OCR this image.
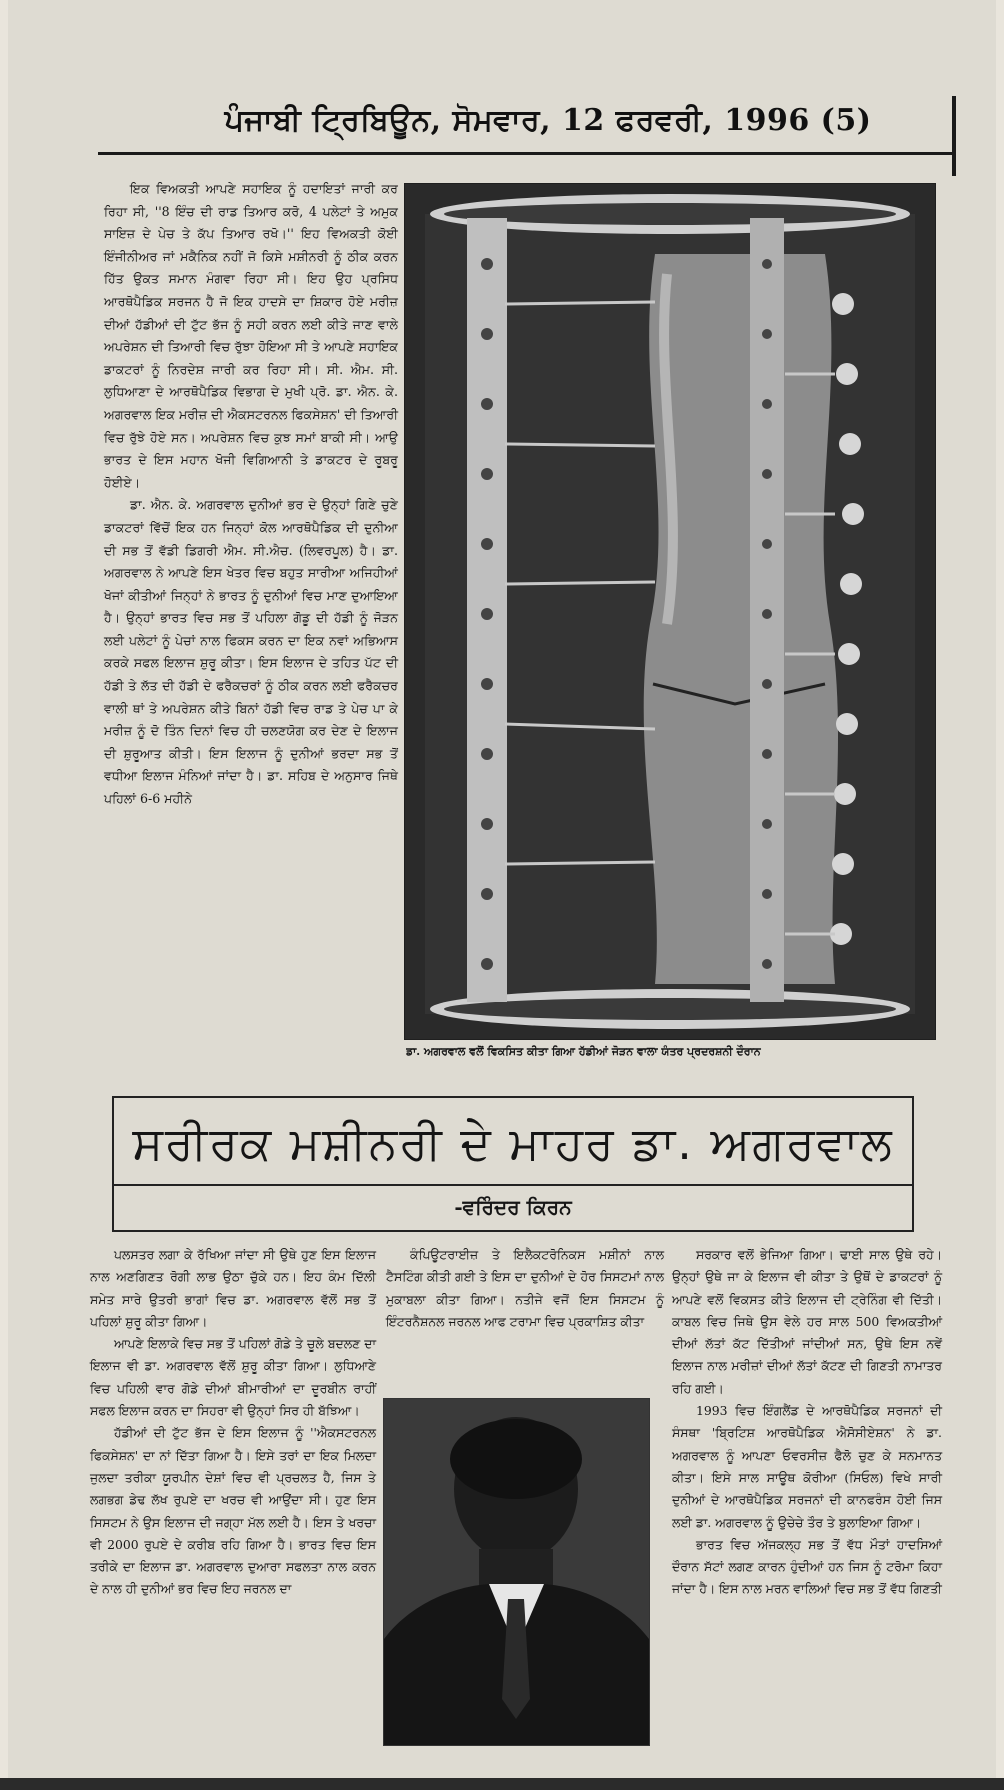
ਪੰਜਾਬੀ ਟ੍ਰਿਬਿਊਨ, ਸੋਮਵਾਰ, 12 ਫਰਵਰੀ, 1996 (5)

ਇਕ ਵਿਅਕਤੀ ਆਪਣੇ ਸਹਾਇਕ ਨੂੰ ਹਦਾਇਤਾਂ ਜਾਰੀ ਕਰ ਰਿਹਾ ਸੀ, ''8 ਇੰਚ ਦੀ ਰਾਡ ਤਿਆਰ ਕਰੋ, 4 ਪਲੇਟਾਂ ਤੇ ਅਮੁਕ ਸਾਇਜ਼ ਦੇ ਪੇਚ ਤੇ ਕੱਪ ਤਿਆਰ ਰਖੋ।'' ਇਹ ਵਿਅਕਤੀ ਕੋਈ ਇੰਜੀਨੀਅਰ ਜਾਂ ਮਕੈਨਿਕ ਨਹੀਂ ਜੋ ਕਿਸੇ ਮਸ਼ੀਨਰੀ ਨੂੰ ਠੀਕ ਕਰਨ ਹਿੱਤ ਉਕਤ ਸਮਾਨ ਮੰਗਵਾ ਰਿਹਾ ਸੀ। ਇਹ ਉਹ ਪ੍ਰਸਿਧ ਆਰਥੋਪੈਡਿਕ ਸਰਜਨ ਹੈ ਜੋ ਇਕ ਹਾਦਸੇ ਦਾ ਸ਼ਿਕਾਰ ਹੋਏ ਮਰੀਜ਼ ਦੀਆਂ ਹੱਡੀਆਂ ਦੀ ਟੁੱਟ ਭੱਜ ਨੂੰ ਸਹੀ ਕਰਨ ਲਈ ਕੀਤੇ ਜਾਣ ਵਾਲੇ ਅਪਰੇਸ਼ਨ ਦੀ ਤਿਆਰੀ ਵਿਚ ਰੁੱਝਾ ਹੋਇਆ ਸੀ ਤੇ ਆਪਣੇ ਸਹਾਇਕ ਡਾਕਟਰਾਂ ਨੂੰ ਨਿਰਦੇਸ਼ ਜਾਰੀ ਕਰ ਰਿਹਾ ਸੀ। ਸੀ. ਐਮ. ਸੀ. ਲੁਧਿਆਣਾ ਦੇ ਆਰਥੋਪੈਡਿਕ ਵਿਭਾਗ ਦੇ ਮੁਖੀ ਪ੍ਰੋ. ਡਾ. ਐਨ. ਕੇ. ਅਗਰਵਾਲ ਇਕ ਮਰੀਜ਼ ਦੀ ਐਕਸਟਰਨਲ ਫਿਕਸੇਸ਼ਨ' ਦੀ ਤਿਆਰੀ ਵਿਚ ਰੁੱਝੇ ਹੋਏ ਸਨ। ਅਪਰੇਸ਼ਨ ਵਿਚ ਕੁਝ ਸਮਾਂ ਬਾਕੀ ਸੀ। ਆਉ ਭਾਰਤ ਦੇ ਇਸ ਮਹਾਨ ਖੋਜੀ ਵਿਗਿਆਨੀ ਤੇ ਡਾਕਟਰ ਦੇ ਰੂਬਰੂ ਹੋਈਏ।

ਡਾ. ਐਨ. ਕੇ. ਅਗਰਵਾਲ ਦੁਨੀਆਂ ਭਰ ਦੇ ਉਨ੍ਹਾਂ ਗਿਣੇ ਚੁਣੇ ਡਾਕਟਰਾਂ ਵਿੱਚੋਂ ਇਕ ਹਨ ਜਿਨ੍ਹਾਂ ਕੋਲ ਆਰਥੋਪੈਡਿਕ ਦੀ ਦੁਨੀਆ ਦੀ ਸਭ ਤੋਂ ਵੱਡੀ ਡਿਗਰੀ ਐਮ. ਸੀ.ਐਚ. (ਲਿਵਰਪੂਲ) ਹੈ। ਡਾ. ਅਗਰਵਾਲ ਨੇ ਆਪਣੇ ਇਸ ਖੇਤਰ ਵਿਚ ਬਹੁਤ ਸਾਰੀਆ ਅਜਿਹੀਆਂ ਖੋਜਾਂ ਕੀਤੀਆਂ ਜਿਨ੍ਹਾਂ ਨੇ ਭਾਰਤ ਨੂੰ ਦੁਨੀਆਂ ਵਿਚ ਮਾਣ ਦੁਆਇਆ ਹੈ। ਉਨ੍ਹਾਂ ਭਾਰਤ ਵਿਚ ਸਭ ਤੋਂ ਪਹਿਲਾ ਗੋਡੂ ਦੀ ਹੱਡੀ ਨੂੰ ਜੋੜਨ ਲਈ ਪਲੇਟਾਂ ਨੂੰ ਪੇਚਾਂ ਨਾਲ ਫਿਕਸ ਕਰਨ ਦਾ ਇਕ ਨਵਾਂ ਅਭਿਆਸ ਕਰਕੇ ਸਫਲ ਇਲਾਜ ਸ਼ੁਰੂ ਕੀਤਾ। ਇਸ ਇਲਾਜ ਦੇ ਤਹਿਤ ਪੱਟ ਦੀ ਹੱਡੀ ਤੇ ਲੱਤ ਦੀ ਹੱਡੀ ਦੇ ਫਰੈਕਚਰਾਂ ਨੂੰ ਠੀਕ ਕਰਨ ਲਈ ਫਰੈਕਚਰ ਵਾਲੀ ਥਾਂ ਤੇ ਅਪਰੇਸ਼ਨ ਕੀਤੇ ਬਿਨਾਂ ਹੱਡੀ ਵਿਚ ਰਾਡ ਤੇ ਪੇਚ ਪਾ ਕੇ ਮਰੀਜ਼ ਨੂੰ ਦੋ ਤਿੰਨ ਦਿਨਾਂ ਵਿਚ ਹੀ ਚਲਣਯੋਗ ਕਰ ਦੇਣ ਦੇ ਇਲਾਜ ਦੀ ਸ਼ੁਰੂਆਤ ਕੀਤੀ। ਇਸ ਇਲਾਜ ਨੂੰ ਦੁਨੀਆਂ ਭਰਦਾ ਸਭ ਤੋਂ ਵਧੀਆ ਇਲਾਜ ਮੰਨਿਆਂ ਜਾਂਦਾ ਹੈ। ਡਾ. ਸਹਿਬ ਦੇ ਅਨੁਸਾਰ ਜਿਥੇ ਪਹਿਲਾਂ 6-6 ਮਹੀਨੇ

ਡਾ. ਅਗਰਵਾਲ ਵਲੋਂ ਵਿਕਸਿਤ ਕੀਤਾ ਗਿਆ ਹੱਡੀਆਂ ਜੋੜਨ ਵਾਲਾ ਯੰਤਰ ਪ੍ਰਦਰਸ਼ਨੀ ਦੌਰਾਨ
ਸਰੀਰਕ ਮਸ਼ੀਨਰੀ ਦੇ ਮਾਹਰ ਡਾ. ਅਗਰਵਾਲ
-ਵਰਿੰਦਰ ਕਿਰਨ

ਪਲਸਤਰ ਲਗਾ ਕੇ ਰੱਖਿਆ ਜਾਂਦਾ ਸੀ ਉਥੇ ਹੁਣ ਇਸ ਇਲਾਜ ਨਾਲ ਅਣਗਿਣਤ ਰੋਗੀ ਲਾਭ ਉਠਾ ਚੁੱਕੇ ਹਨ। ਇਹ ਕੰਮ ਦਿੱਲੀ ਸਮੇਤ ਸਾਰੇ ਉਤਰੀ ਭਾਗਾਂ ਵਿਚ ਡਾ. ਅਗਰਵਾਲ ਵੱਲੋਂ ਸਭ ਤੋਂ ਪਹਿਲਾਂ ਸ਼ੁਰੂ ਕੀਤਾ ਗਿਆ।

ਆਪਣੇ ਇਲਾਕੇ ਵਿਚ ਸਭ ਤੋਂ ਪਹਿਲਾਂ ਗੋਡੇ ਤੇ ਚੂਲੇ ਬਦਲਣ ਦਾ ਇਲਾਜ ਵੀ ਡਾ. ਅਗਰਵਾਲ ਵੱਲੋਂ ਸ਼ੁਰੂ ਕੀਤਾ ਗਿਆ। ਲੁਧਿਆਣੇ ਵਿਚ ਪਹਿਲੀ ਵਾਰ ਗੋਡੇ ਦੀਆਂ ਬੀਮਾਰੀਆਂ ਦਾ ਦੂਰਬੀਨ ਰਾਹੀਂ ਸਫਲ ਇਲਾਜ ਕਰਨ ਦਾ ਸਿਹਰਾ ਵੀ ਉਨ੍ਹਾਂ ਸਿਰ ਹੀ ਬੱਝਿਆ।

ਹੱਡੀਆਂ ਦੀ ਟੁੱਟ ਭੱਜ ਦੇ ਇਸ ਇਲਾਜ ਨੂੰ ''ਐਕਸਟਰਨਲ ਫਿਕਸੇਸ਼ਨ' ਦਾ ਨਾਂ ਦਿੱਤਾ ਗਿਆ ਹੈ। ਇਸੇ ਤਰਾਂ ਦਾ ਇਕ ਮਿਲਦਾ ਜੁਲਦਾ ਤਰੀਕਾ ਯੂਰਪੀਨ ਦੇਸ਼ਾਂ ਵਿਚ ਵੀ ਪ੍ਰਚਲਤ ਹੈ, ਜਿਸ ਤੇ ਲਗਭਗ ਡੇਢ ਲੱਖ ਰੁਪਏ ਦਾ ਖਰਚ ਵੀ ਆਉਂਦਾ ਸੀ। ਹੁਣ ਇਸ ਸਿਸਟਮ ਨੇ ਉਸ ਇਲਾਜ ਦੀ ਜਗ੍ਹਾ ਮੱਲ ਲਈ ਹੈ। ਇਸ ਤੇ ਖਰਚਾ ਵੀ 2000 ਰੁਪਏ ਦੇ ਕਰੀਬ ਰਹਿ ਗਿਆ ਹੈ। ਭਾਰਤ ਵਿਚ ਇਸ ਤਰੀਕੇ ਦਾ ਇਲਾਜ ਡਾ. ਅਗਰਵਾਲ ਦੁਆਰਾ ਸਫਲਤਾ ਨਾਲ ਕਰਨ ਦੇ ਨਾਲ ਹੀ ਦੁਨੀਆਂ ਭਰ ਵਿਚ ਇਹ ਜਰਨਲ ਦਾ

ਕੰਪਿਊਟਰਾਈਜ਼ ਤੇ ਇਲੈਕਟਰੋਨਿਕਸ ਮਸ਼ੀਨਾਂ ਨਾਲ ਟੈਸਟਿੰਗ ਕੀਤੀ ਗਈ ਤੇ ਇਸ ਦਾ ਦੁਨੀਆਂ ਦੇ ਹੋਰ ਸਿਸਟਮਾਂ ਨਾਲ ਮੁਕਾਬਲਾ ਕੀਤਾ ਗਿਆ। ਨਤੀਜੇ ਵਜੋਂ ਇਸ ਸਿਸਟਮ ਨੂੰ ਇੰਟਰਨੈਸ਼ਨਲ ਜਰਨਲ ਆਫ ਟਰਾਮਾ ਵਿਚ ਪ੍ਰਕਾਸ਼ਿਤ ਕੀਤਾ

ਸਰਕਾਰ ਵਲੋਂ ਭੇਜਿਆ ਗਿਆ। ਢਾਈ ਸਾਲ ਉਥੇ ਰਹੇ। ਉਨ੍ਹਾਂ ਉਥੇ ਜਾ ਕੇ ਇਲਾਜ ਵੀ ਕੀਤਾ ਤੇ ਉਥੋਂ ਦੇ ਡਾਕਟਰਾਂ ਨੂੰ ਆਪਣੇ ਵਲੋਂ ਵਿਕਸਤ ਕੀਤੇ ਇਲਾਜ ਦੀ ਟ੍ਰੇਨਿੰਗ ਵੀ ਦਿੱਤੀ। ਕਾਬਲ ਵਿਚ ਜਿਥੇ ਉਸ ਵੇਲੇ ਹਰ ਸਾਲ 500 ਵਿਅਕਤੀਆਂ ਦੀਆਂ ਲੱਤਾਂ ਕੱਟ ਦਿੱਤੀਆਂ ਜਾਂਦੀਆਂ ਸਨ, ਉਥੇ ਇਸ ਨਵੇਂ ਇਲਾਜ ਨਾਲ ਮਰੀਜ਼ਾਂ ਦੀਆਂ ਲੱਤਾਂ ਕੱਟਣ ਦੀ ਗਿਣਤੀ ਨਾਮਾਤਰ ਰਹਿ ਗਈ।

1993 ਵਿਚ ਇੰਗਲੈਂਡ ਦੇ ਆਰਥੋਪੈਡਿਕ ਸਰਜਨਾਂ ਦੀ ਸੰਸਥਾ 'ਬ੍ਰਿਟਿਸ਼ ਆਰਥੋਪੈਡਿਕ ਐਸੋਸੀਏਸ਼ਨ' ਨੇ ਡਾ. ਅਗਰਵਾਲ ਨੂੰ ਆਪਣਾ ਓਵਰਸੀਜ਼ ਫੈਲੋ ਚੁਣ ਕੇ ਸਨਮਾਨਤ ਕੀਤਾ। ਇਸੇ ਸਾਲ ਸਾਊਥ ਕੋਰੀਆ (ਸਿਓਲ) ਵਿਖੇ ਸਾਰੀ ਦੁਨੀਆਂ ਦੇ ਆਰਥੋਪੈਡਿਕ ਸਰਜਨਾਂ ਦੀ ਕਾਨਫਰੰਸ ਹੋਈ ਜਿਸ ਲਈ ਡਾ. ਅਗਰਵਾਲ ਨੂੰ ਉਚੇਚੇ ਤੌਰ ਤੇ ਬੁਲਾਇਆ ਗਿਆ।

ਭਾਰਤ ਵਿਚ ਅੱਜਕਲ੍ਹ ਸਭ ਤੋਂ ਵੱਧ ਮੌਤਾਂ ਹਾਦਸਿਆਂ ਦੌਰਾਨ ਸੱਟਾਂ ਲਗਣ ਕਾਰਨ ਹੁੰਦੀਆਂ ਹਨ ਜਿਸ ਨੂੰ ਟਰੋਮਾ ਕਿਹਾ ਜਾਂਦਾ ਹੈ। ਇਸ ਨਾਲ ਮਰਨ ਵਾਲਿਆਂ ਵਿਚ ਸਭ ਤੋਂ ਵੱਧ ਗਿਣਤੀ
